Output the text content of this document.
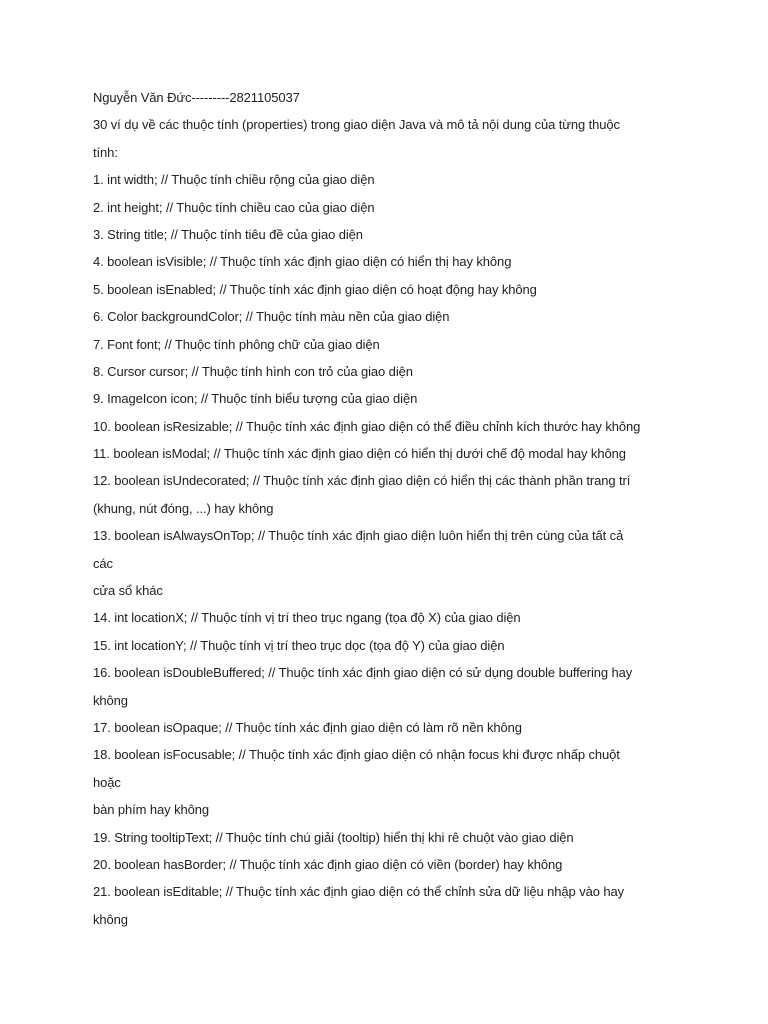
Nguyễn Văn Đức---------2821105037
30 ví dụ về các thuộc tính (properties) trong giao diện Java và mô tả nội dung của từng thuộc
tính:
1. int width; // Thuộc tính chiều rộng của giao diện
2. int height; // Thuộc tính chiều cao của giao diện
3. String title; // Thuộc tính tiêu đề của giao diện
4. boolean isVisible; // Thuộc tính xác định giao diện có hiển thị hay không
5. boolean isEnabled; // Thuộc tính xác định giao diện có hoạt động hay không
6. Color backgroundColor; // Thuộc tính màu nền của giao diện
7. Font font; // Thuộc tính phông chữ của giao diện
8. Cursor cursor; // Thuộc tính hình con trỏ của giao diện
9. ImageIcon icon; // Thuộc tính biểu tượng của giao diện
10. boolean isResizable; // Thuộc tính xác định giao diện có thể điều chỉnh kích thước hay không
11. boolean isModal; // Thuộc tính xác định giao diện có hiển thị dưới chế độ modal hay không
12. boolean isUndecorated; // Thuộc tính xác định giao diện có hiển thị các thành phần trang trí
(khung, nút đóng, ...) hay không
13. boolean isAlwaysOnTop; // Thuộc tính xác định giao diện luôn hiển thị trên cùng của tất cả
các
cửa sổ khác
14. int locationX; // Thuộc tính vị trí theo trục ngang (tọa độ X) của giao diện
15. int locationY; // Thuộc tính vị trí theo trục dọc (tọa độ Y) của giao diện
16. boolean isDoubleBuffered; // Thuộc tính xác định giao diện có sử dụng double buffering hay
không
17. boolean isOpaque; // Thuộc tính xác định giao diện có làm rõ nền không
18. boolean isFocusable; // Thuộc tính xác định giao diện có nhận focus khi được nhấp chuột
hoặc
bàn phím hay không
19. String tooltipText; // Thuộc tính chú giải (tooltip) hiển thị khi rê chuột vào giao diện
20. boolean hasBorder; // Thuộc tính xác định giao diện có viền (border) hay không
21. boolean isEditable; // Thuộc tính xác định giao diện có thể chỉnh sửa dữ liệu nhập vào hay
không
